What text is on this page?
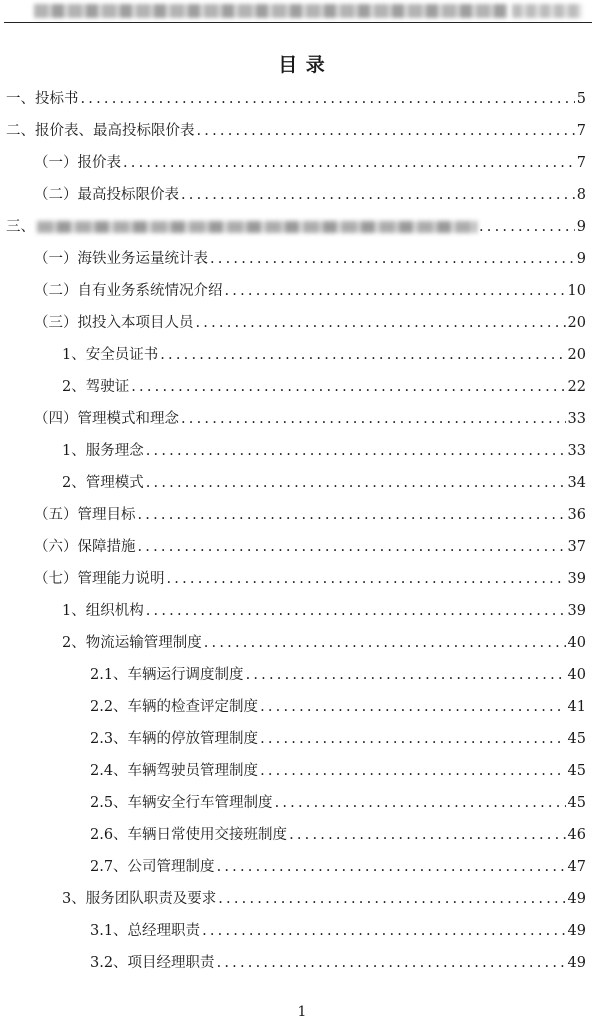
目 录
一、投标书 .....	5
二、报价表、最高投标限价表 .....	7
（一）报价表 .....	7
（二）最高投标限价表 .....	8
三、 .....	9
（一）海铁业务运量统计表 .....	9
（二）自有业务系统情况介绍 .....	10
（三）拟投入本项目人员 .....	20
1、安全员证书 .....	20
2、驾驶证 .....	22
（四）管理模式和理念 .....	33
1、服务理念 .....	33
2、管理模式 .....	34
（五）管理目标 .....	36
（六）保障措施 .....	37
（七）管理能力说明 .....	39
1、组织机构 .....	39
2、物流运输管理制度 .....	40
2.1、车辆运行调度制度 .....	40
2.2、车辆的检查评定制度 .....	41
2.3、车辆的停放管理制度 .....	45
2.4、车辆驾驶员管理制度 .....	45
2.5、车辆安全行车管理制度 .....	45
2.6、车辆日常使用交接班制度 .....	46
2.7、公司管理制度 .....	47
3、服务团队职责及要求 .....	49
3.1、总经理职责 .....	49
3.2、项目经理职责 .....	49
1
